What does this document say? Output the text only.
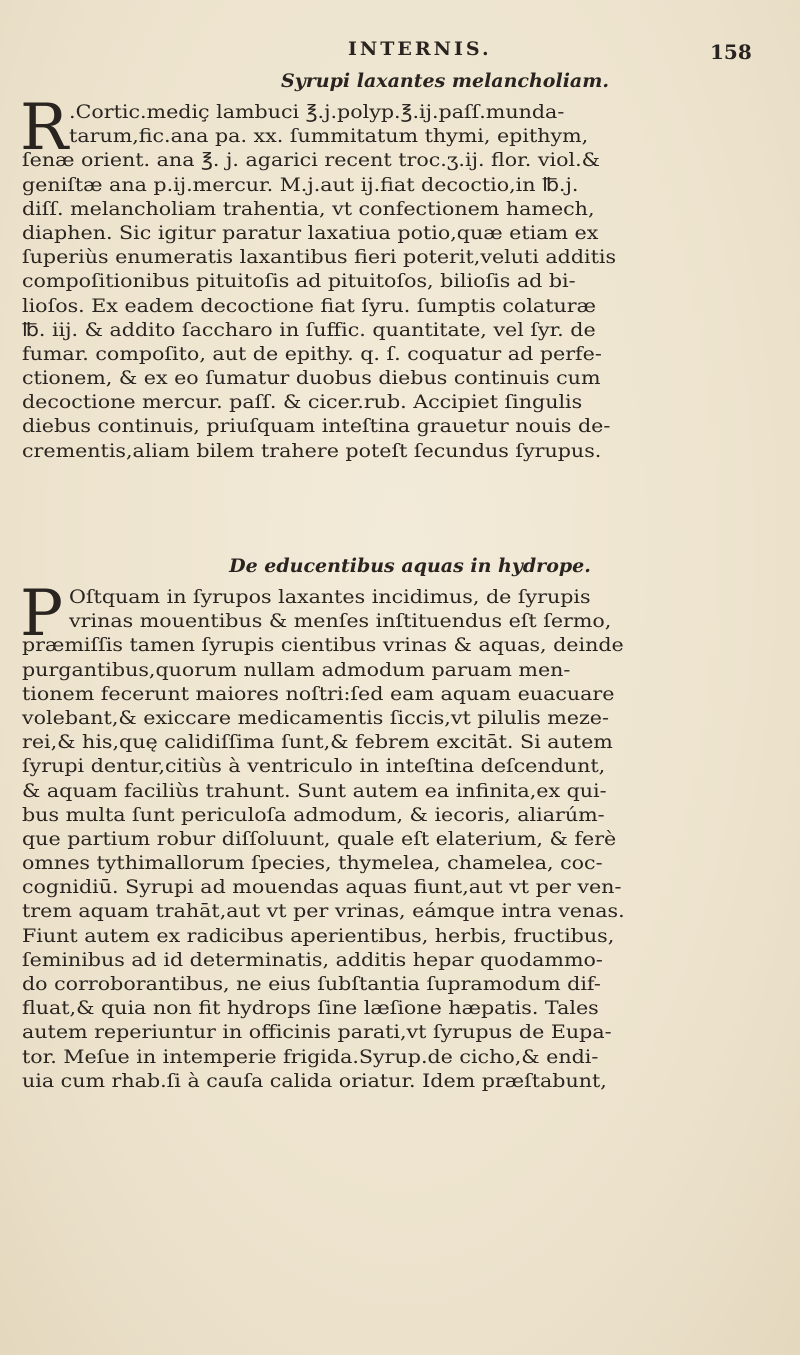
INTERNIS.	158
Syrupi laxantes melancholiam.
R .Cortic.mediç lambuci ℥.j.polyp.℥.ij.paſſ.munda-
tarum,fic.ana pa. xx. ſummitatum thymi, epithym,
ſenæ orient. ana ℥. j. agarici recent troc.ʒ.ij. flor. viol.&
geniſtæ ana p.ij.mercur. M.j.aut ij.fiat decoctio,in ℔.j.
diſſ. melancholiam trahentia, vt confectionem hamech,
diaphen. Sic igitur paratur laxatiua potio,quæ etiam ex
ſuperiùs enumeratis laxantibus fieri poterit,veluti additis
compoſitionibus pituitoſis ad pituitoſos, bilioſis ad bi-
lioſos. Ex eadem decoctione fiat ſyru. ſumptis colaturæ
℔. iij. & addito ſaccharo in ſuffic. quantitate, vel ſyr. de
fumar. compoſito, aut de epithy. q. ſ. coquatur ad perfe-
ctionem, & ex eo ſumatur duobus diebus continuis cum
decoctione mercur. paſſ. & cicer.rub. Accipiet ſingulis
diebus continuis, priuſquam inteſtina grauetur nouis de-
crementis,aliam bilem trahere poteſt ſecundus ſyrupus.
De educentibus aquas in hydrope.
P Oſtquam in ſyrupos laxantes incidimus, de ſyrupis
vrinas mouentibus & menſes inſtituendus eſt ſermo,
præmiſſis tamen ſyrupis cientibus vrinas & aquas, deinde
purgantibus,quorum nullam admodum paruam men-
tionem fecerunt maiores noſtri:ſed eam aquam euacuare
volebant,& exiccare medicamentis ſiccis,vt pilulis meze-
rei,& his,quę calidiſſima ſunt,& febrem excitāt. Si autem
ſyrupi dentur,citiùs à ventriculo in inteſtina deſcendunt,
& aquam faciliùs trahunt. Sunt autem ea infinita,ex qui-
bus multa ſunt periculoſa admodum, & iecoris, aliarúm-
que partium robur diſſoluunt, quale eſt elaterium, & ferè
omnes tythimallorum ſpecies, thymelea, chamelea, coc-
cognidiū. Syrupi ad mouendas aquas fiunt,aut vt per ven-
trem aquam trahāt,aut vt per vrinas, eámque intra venas.
Fiunt autem ex radicibus aperientibus, herbis, fructibus,
ſeminibus ad id determinatis, additis hepar quodammo-
do corroborantibus, ne eius ſubſtantia ſupramodum dif-
fluat,& quia non fit hydrops ſine læſione hæpatis. Tales
autem reperiuntur in officinis parati,vt ſyrupus de Eupa-
tor. Meſue in intemperie frigida.Syrup.de cicho,& endi-
uia cum rhab.ſi à cauſa calida oriatur. Idem præſtabunt,
